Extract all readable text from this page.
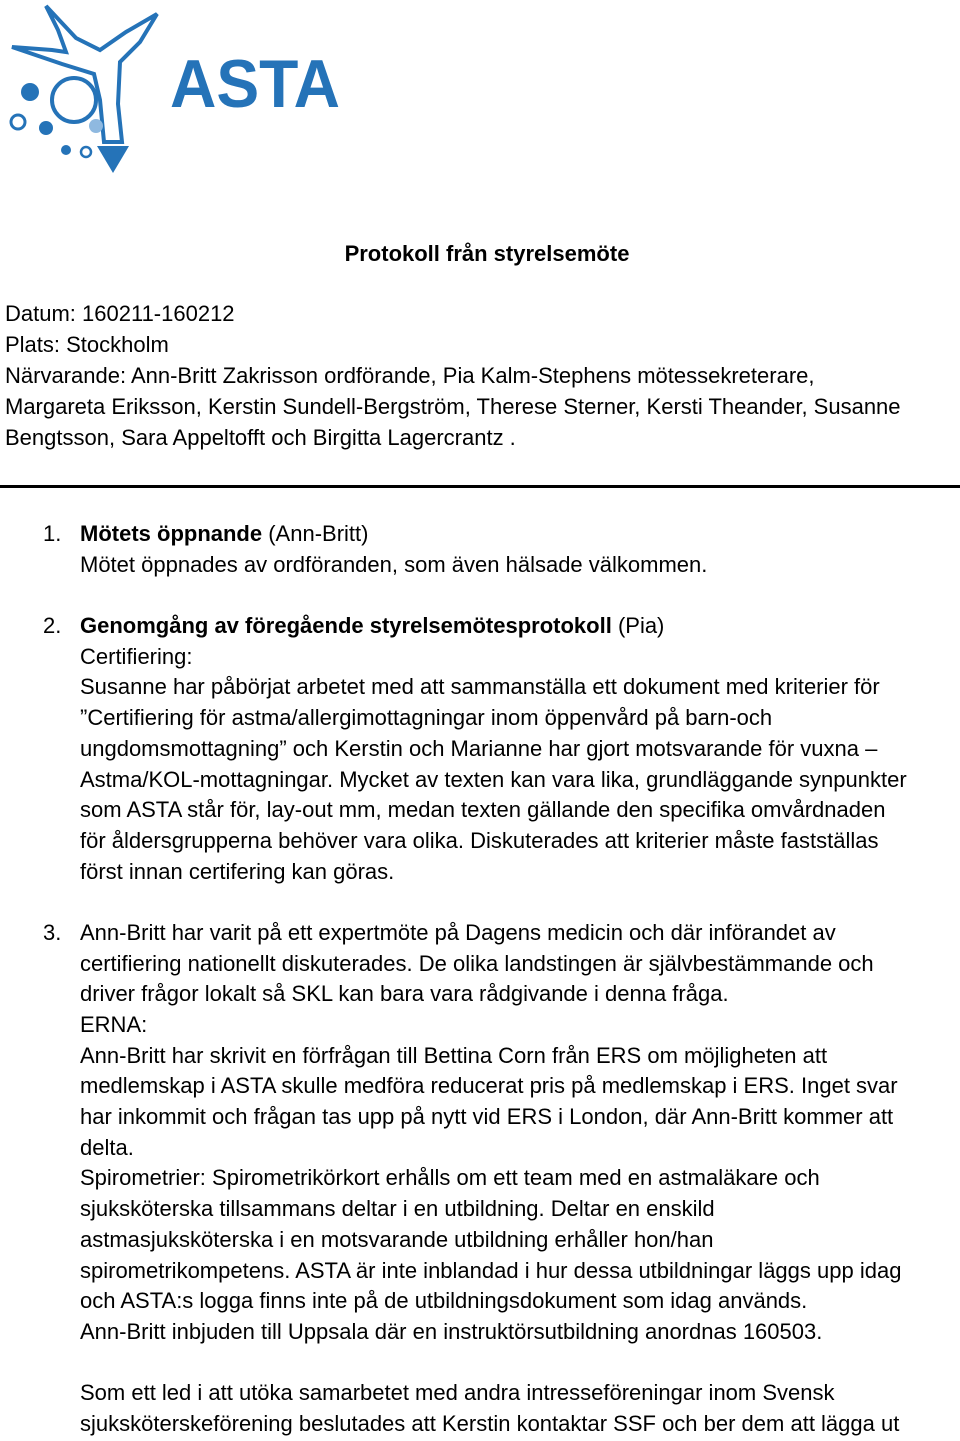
ASTA
Protokoll från styrelsemöte
Datum: 160211-160212
Plats: Stockholm
Närvarande: Ann-Britt Zakrisson ordförande, Pia Kalm-Stephens mötessekreterare,
Margareta Eriksson, Kerstin Sundell-Bergström, Therese Sterner, Kersti Theander, Susanne
Bengtsson, Sara Appeltofft och Birgitta Lagercrantz .
1. Mötets öppnande (Ann-Britt)
Mötet öppnades av ordföranden, som även hälsade välkommen.
2. Genomgång av föregående styrelsemötesprotokoll (Pia)
Certifiering:
Susanne har påbörjat arbetet med att sammanställa ett dokument med kriterier för
”Certifiering för astma/allergimottagningar inom öppenvård på barn-och
ungdomsmottagning” och Kerstin och Marianne har gjort motsvarande för vuxna –
Astma/KOL-mottagningar. Mycket av texten kan vara lika, grundläggande synpunkter
som ASTA står för, lay-out mm, medan texten gällande den specifika omvårdnaden
för åldersgrupperna behöver vara olika. Diskuterades att kriterier måste fastställas
först innan certifering kan göras.
3. Ann-Britt har varit på ett expertmöte på Dagens medicin och där införandet av
certifiering nationellt diskuterades. De olika landstingen är självbestämmande och
driver frågor lokalt så SKL kan bara vara rådgivande i denna fråga.
ERNA:
Ann-Britt har skrivit en förfrågan till Bettina Corn från ERS om möjligheten att
medlemskap i ASTA skulle medföra reducerat pris på medlemskap i ERS. Inget svar
har inkommit och frågan tas upp på nytt vid ERS i London, där Ann-Britt kommer att
delta.
Spirometrier: Spirometrikörkort erhålls om ett team med en astmaläkare och
sjuksköterska tillsammans deltar i en utbildning. Deltar en enskild
astmasjuksköterska i en motsvarande utbildning erhåller hon/han
spirometrikompetens. ASTA är inte inblandad i hur dessa utbildningar läggs upp idag
och ASTA:s logga finns inte på de utbildningsdokument som idag används.
Ann-Britt inbjuden till Uppsala där en instruktörsutbildning anordnas 160503.
Som ett led i att utöka samarbetet med andra intresseföreningar inom Svensk
sjuksköterskeförening beslutades att Kerstin kontaktar SSF och ber dem att lägga ut
